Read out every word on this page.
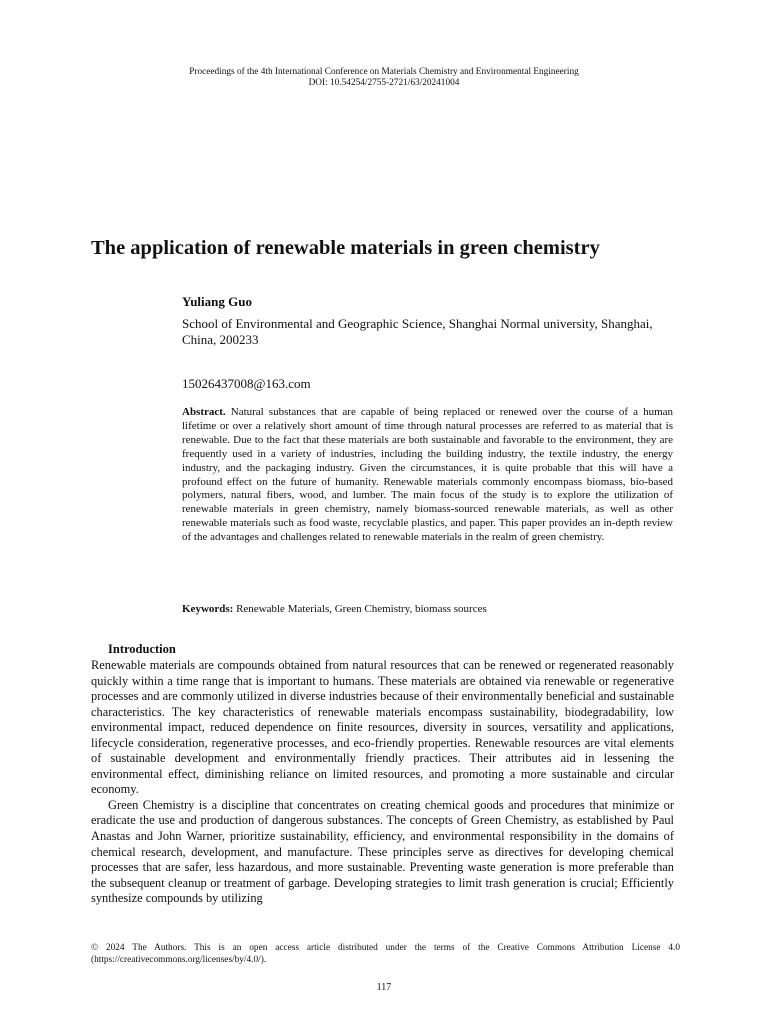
Proceedings of the 4th International Conference on Materials Chemistry and Environmental Engineering
DOI: 10.54254/2755-2721/63/20241004
The application of renewable materials in green chemistry
Yuliang Guo
School of Environmental and Geographic Science, Shanghai Normal university, Shanghai, China, 200233
15026437008@163.com
Abstract. Natural substances that are capable of being replaced or renewed over the course of a human lifetime or over a relatively short amount of time through natural processes are referred to as material that is renewable. Due to the fact that these materials are both sustainable and favorable to the environment, they are frequently used in a variety of industries, including the building industry, the textile industry, the energy industry, and the packaging industry. Given the circumstances, it is quite probable that this will have a profound effect on the future of humanity. Renewable materials commonly encompass biomass, bio-based polymers, natural fibers, wood, and lumber. The main focus of the study is to explore the utilization of renewable materials in green chemistry, namely biomass-sourced renewable materials, as well as other renewable materials such as food waste, recyclable plastics, and paper. This paper provides an in-depth review of the advantages and challenges related to renewable materials in the realm of green chemistry.
Keywords: Renewable Materials, Green Chemistry, biomass sources
Introduction

Renewable materials are compounds obtained from natural resources that can be renewed or regenerated reasonably quickly within a time range that is important to humans. These materials are obtained via renewable or regenerative processes and are commonly utilized in diverse industries because of their environmentally beneficial and sustainable characteristics. The key characteristics of renewable materials encompass sustainability, biodegradability, low environmental impact, reduced dependence on finite resources, diversity in sources, versatility and applications, lifecycle consideration, regenerative processes, and eco-friendly properties. Renewable resources are vital elements of sustainable development and environmentally friendly practices. Their attributes aid in lessening the environmental effect, diminishing reliance on limited resources, and promoting a more sustainable and circular economy.

Green Chemistry is a discipline that concentrates on creating chemical goods and procedures that minimize or eradicate the use and production of dangerous substances. The concepts of Green Chemistry, as established by Paul Anastas and John Warner, prioritize sustainability, efficiency, and environmental responsibility in the domains of chemical research, development, and manufacture. These principles serve as directives for developing chemical processes that are safer, less hazardous, and more sustainable. Preventing waste generation is more preferable than the subsequent cleanup or treatment of garbage. Developing strategies to limit trash generation is crucial; Efficiently synthesize compounds by utilizing

© 2024 The Authors. This is an open access article distributed under the terms of the Creative Commons Attribution License 4.0 (https://creativecommons.org/licenses/by/4.0/).
117
